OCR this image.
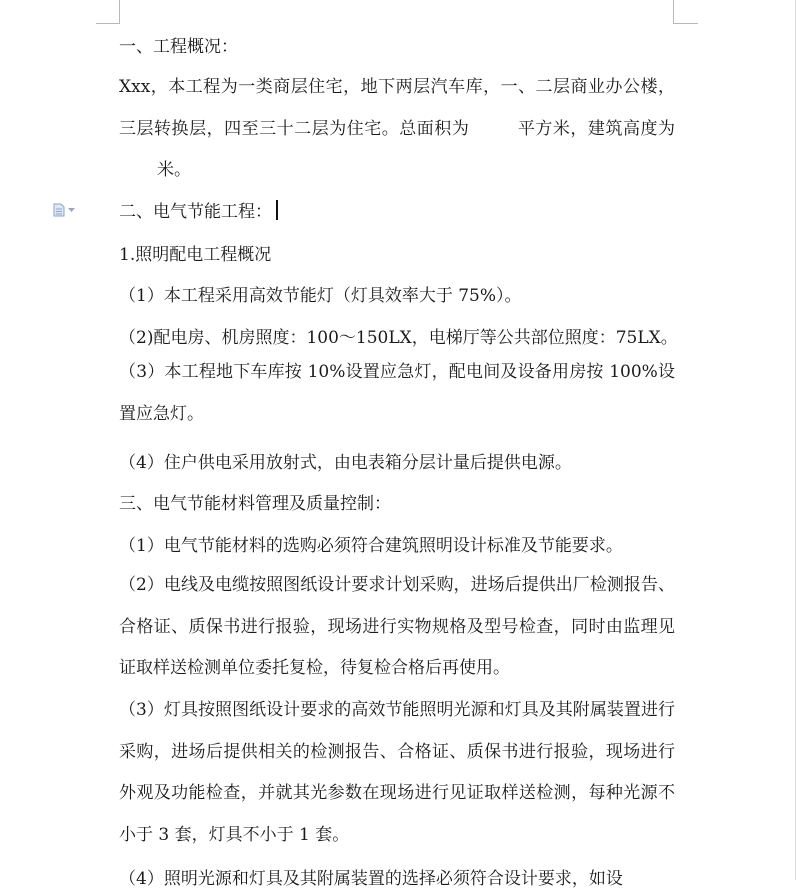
一、工程概况：
Xxx，本工程为一类商层住宅，地下两层汽车库，一、二层商业办公楼，三层转换层，四至三十二层为住宅。总面积为	平方米，建筑高度为米。
二、电气节能工程：
1.照明配电工程概况
（1）本工程采用高效节能灯（灯具效率大于 75%）。
（2)配电房、机房照度：100～150LX，电梯厅等公共部位照度：75LX。
（3）本工程地下车库按 10%设置应急灯，配电间及设备用房按 100%设置应急灯。
（4）住户供电采用放射式，由电表箱分层计量后提供电源。
三、电气节能材料管理及质量控制：
（1）电气节能材料的选购必须符合建筑照明设计标准及节能要求。
（2）电线及电缆按照图纸设计要求计划采购，进场后提供出厂检测报告、合格证、质保书进行报验，现场进行实物规格及型号检查，同时由监理见证取样送检测单位委托复检，待复检合格后再使用。
（3）灯具按照图纸设计要求的高效节能照明光源和灯具及其附属装置进行采购，进场后提供相关的检测报告、合格证、质保书进行报验，现场进行外观及功能检查，并就其光参数在现场进行见证取样送检测，每种光源不小于 3 套，灯具不小于 1 套。
（4）照明光源和灯具及其附属装置的选择必须符合设计要求，如设
